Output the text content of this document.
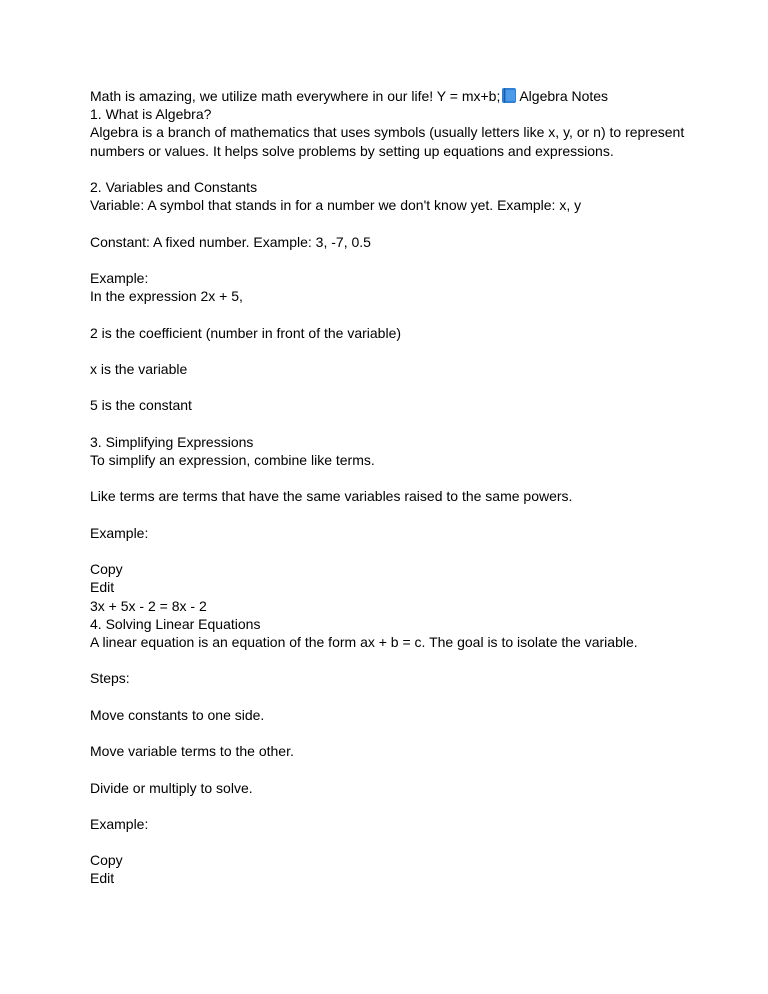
Math is amazing, we utilize math everywhere in our life! Y = mx+b; Algebra Notes
1. What is Algebra?
Algebra is a branch of mathematics that uses symbols (usually letters like x, y, or n) to represent numbers or values. It helps solve problems by setting up equations and expressions.
2. Variables and Constants
Variable: A symbol that stands in for a number we don't know yet. Example: x, y
Constant: A fixed number. Example: 3, -7, 0.5
Example:
In the expression 2x + 5,
2 is the coefficient (number in front of the variable)
x is the variable
5 is the constant
3. Simplifying Expressions
To simplify an expression, combine like terms.
Like terms are terms that have the same variables raised to the same powers.
Example:
Copy
Edit
3x + 5x - 2 = 8x - 2
4. Solving Linear Equations
A linear equation is an equation of the form ax + b = c. The goal is to isolate the variable.
Steps:
Move constants to one side.
Move variable terms to the other.
Divide or multiply to solve.
Example:
Copy
Edit
